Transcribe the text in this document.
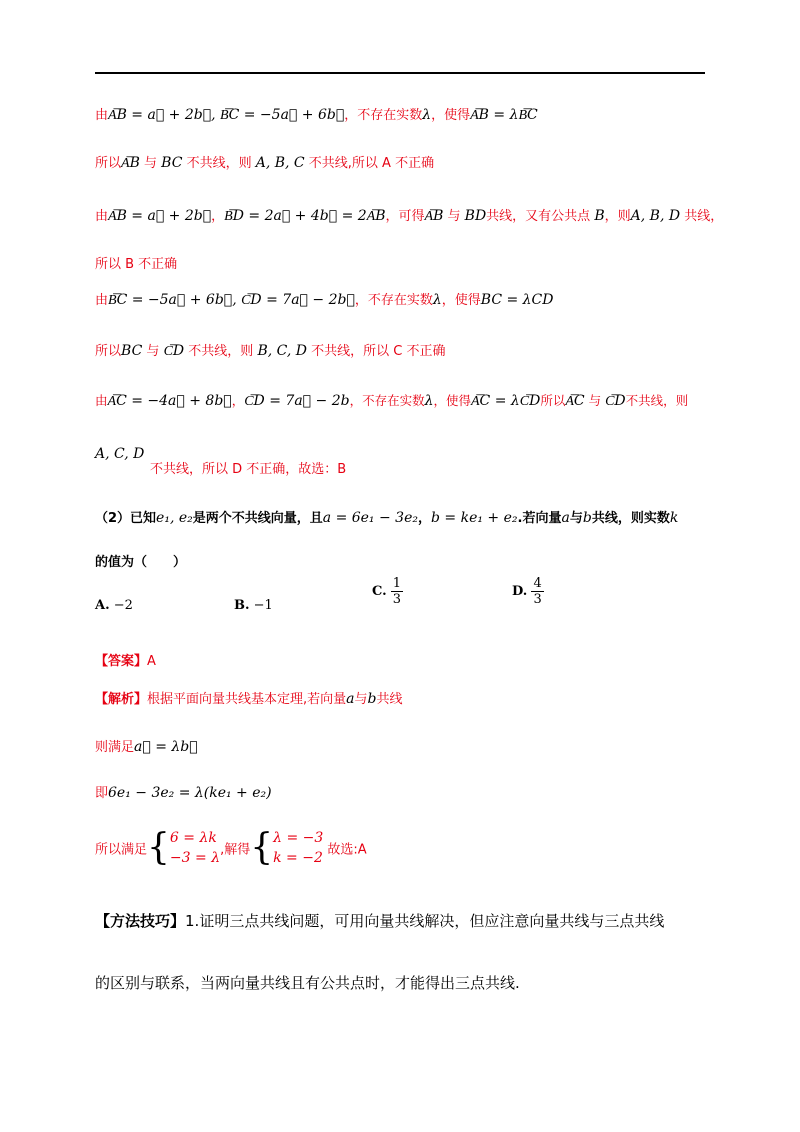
由A͞B = a⃗ + 2b⃗, B͞C = −5a⃗ + 6b⃗，不存在实数λ，使得A͞B = λB͞C
所以A͞B 与 BC 不共线，则 A, B, C 不共线,所以 A 不正确
由A͞B = a⃗ + 2b⃗，B͞D = 2a⃗ + 4b⃗ = 2A͞B，可得A͞B 与 BD共线，又有公共点 B，则A, B, D 共线，
所以 B 不正确
由B͞C = −5a⃗ + 6b⃗, C͞D = 7a⃗ − 2b⃗，不存在实数λ，使得BC = λCD
所以BC 与 C͞D 不共线，则 B, C, D 不共线，所以 C 不正确
由A͞C = −4a⃗ + 8b⃗，C͞D = 7a⃗ − 2b，不存在实数λ，使得A͞C = λC͞D所以A͞C 与 C͞D不共线，则
A, C, D
不共线，所以 D 不正确，故选：B
（2）已知e₁, e₂是两个不共线向量，且a = 6e₁ − 3e₂，b = ke₁ + e₂.若向量a与b共线，则实数k
的值为（　　）
A. −2	B. −1
C. $\frac{1}{3}$	D. $\frac{4}{3}$
【答案】A
【解析】根据平面向量共线基本定理,若向量a与b共线
则满足a⃗ = λb⃗
即6e₁ − 3e₂ = λ(ke₁ + e₂)
所以满足{ 6 = λk
−3 = λ ,解得{ λ = −3
k = −2 故选:A
【方法技巧】1.证明三点共线问题，可用向量共线解决，但应注意向量共线与三点共线
的区别与联系，当两向量共线且有公共点时，才能得出三点共线.
